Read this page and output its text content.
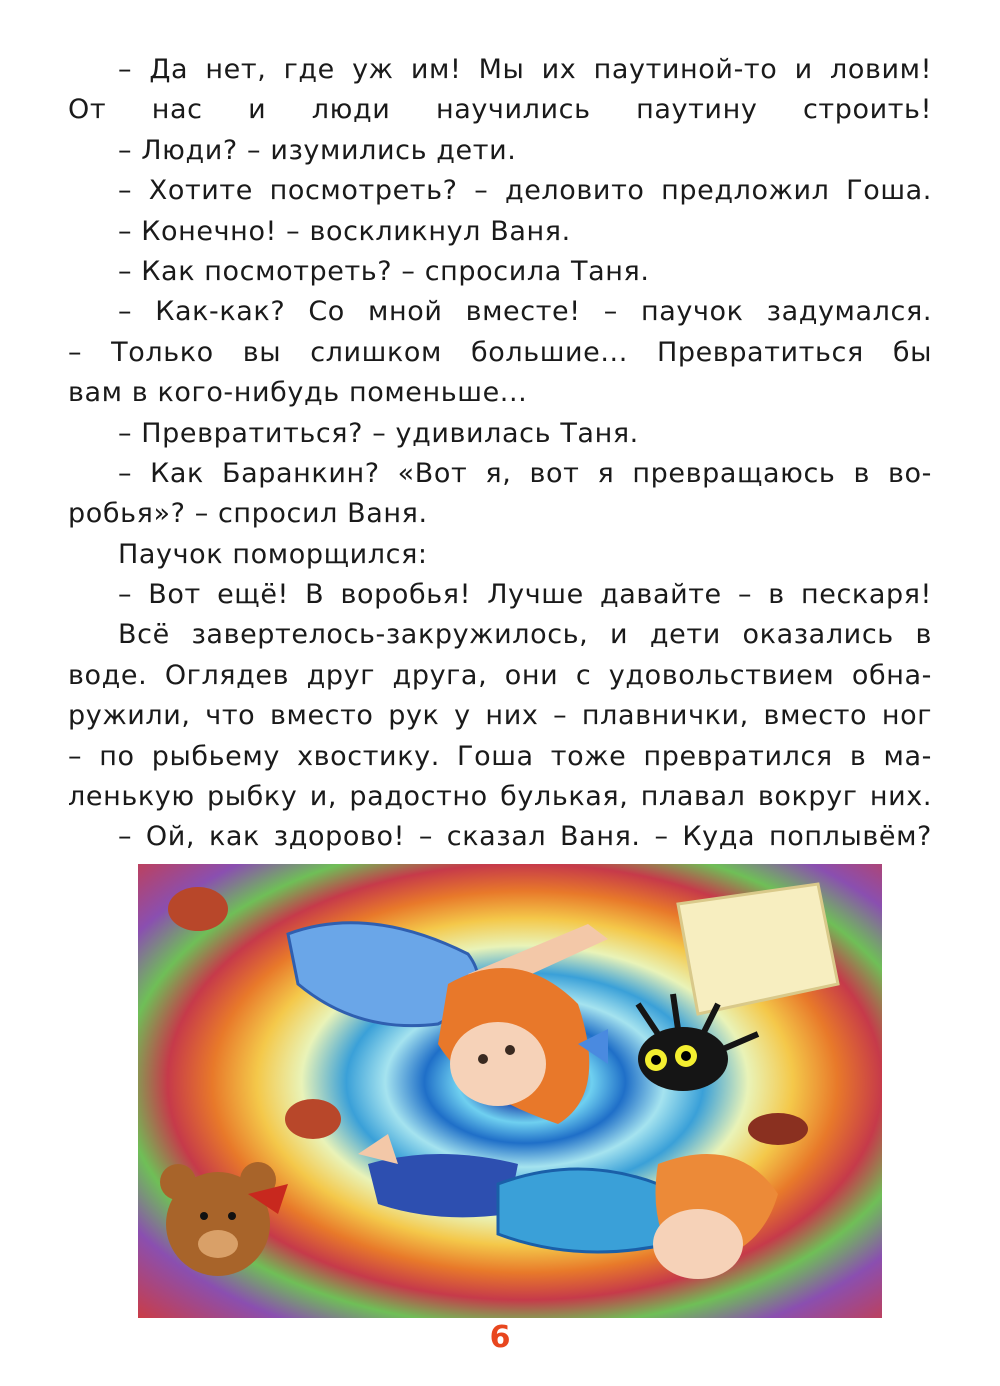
– Да нет, где уж им! Мы их паутиной-то и ловим!
От нас и люди научились паутину строить!
– Люди? – изумились дети.
– Хотите посмотреть? – деловито предложил Гоша.
– Конечно! – воскликнул Ваня.
– Как посмотреть? – спросила Таня.
– Как-как? Со мной вместе! – паучок задумался.
– Только вы слишком большие... Превратиться бы
вам в кого-нибудь поменьше...
– Превратиться? – удивилась Таня.
– Как Баранкин? «Вот я, вот я превращаюсь в во-
робья»? – спросил Ваня.
Паучок поморщился:
– Вот ещё! В воробья! Лучше давайте – в пескаря!
Всё завертелось-закружилось, и дети оказались в
воде. Оглядев друг друга, они с удовольствием обна-
ружили, что вместо рук у них – плавнички, вместо ног
– по рыбьему хвостику. Гоша тоже превратился в ма-
ленькую рыбку и, радостно булькая, плавал вокруг них.
– Ой, как здорово! – сказал Ваня. – Куда поплывём?
6
